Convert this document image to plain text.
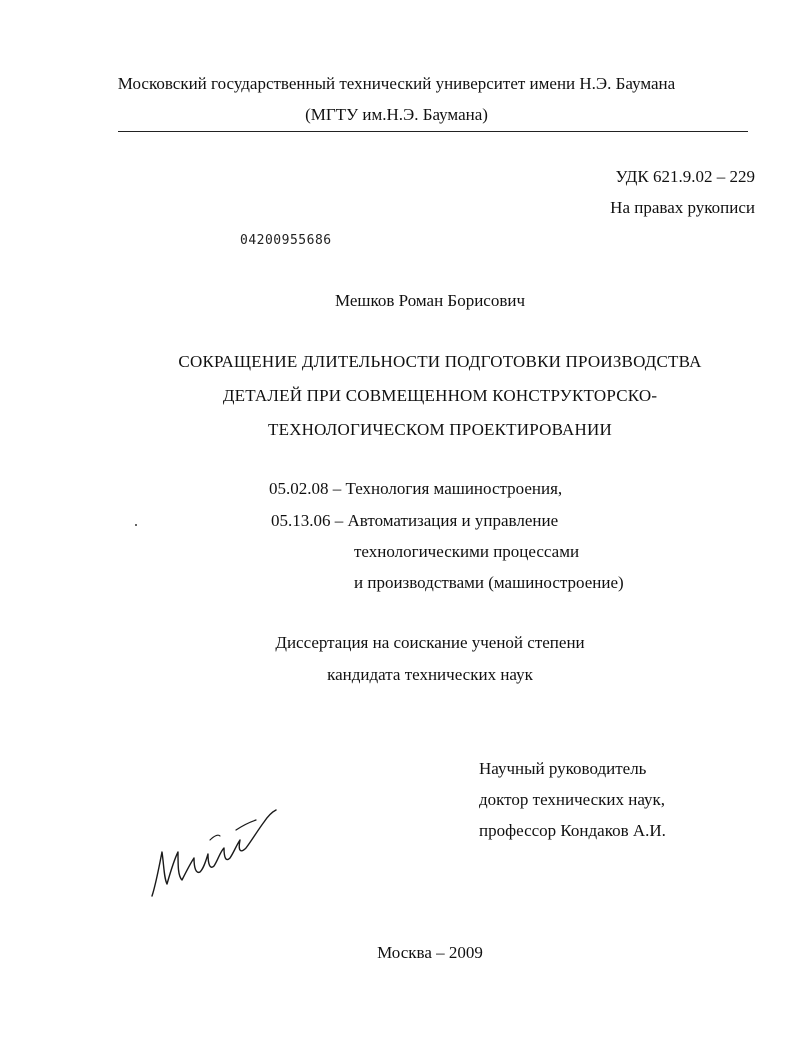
Московский государственный технический университет имени Н.Э. Баумана
(МГТУ им.Н.Э. Баумана)
УДК 621.9.02 – 229
На правах рукописи
04200955686
Мешков Роман Борисович
СОКРАЩЕНИЕ ДЛИТЕЛЬНОСТИ ПОДГОТОВКИ ПРОИЗВОДСТВА
ДЕТАЛЕЙ ПРИ СОВМЕЩЕННОМ КОНСТРУКТОРСКО-
ТЕХНОЛОГИЧЕСКОМ ПРОЕКТИРОВАНИИ
05.02.08 – Технология машиностроения,
05.13.06 – Автоматизация и управление
технологическими процессами
и производствами (машиностроение)
Диссертация на соискание ученой степени
кандидата технических наук
Научный руководитель
доктор технических наук,
профессор Кондаков А.И.
Москва – 2009
